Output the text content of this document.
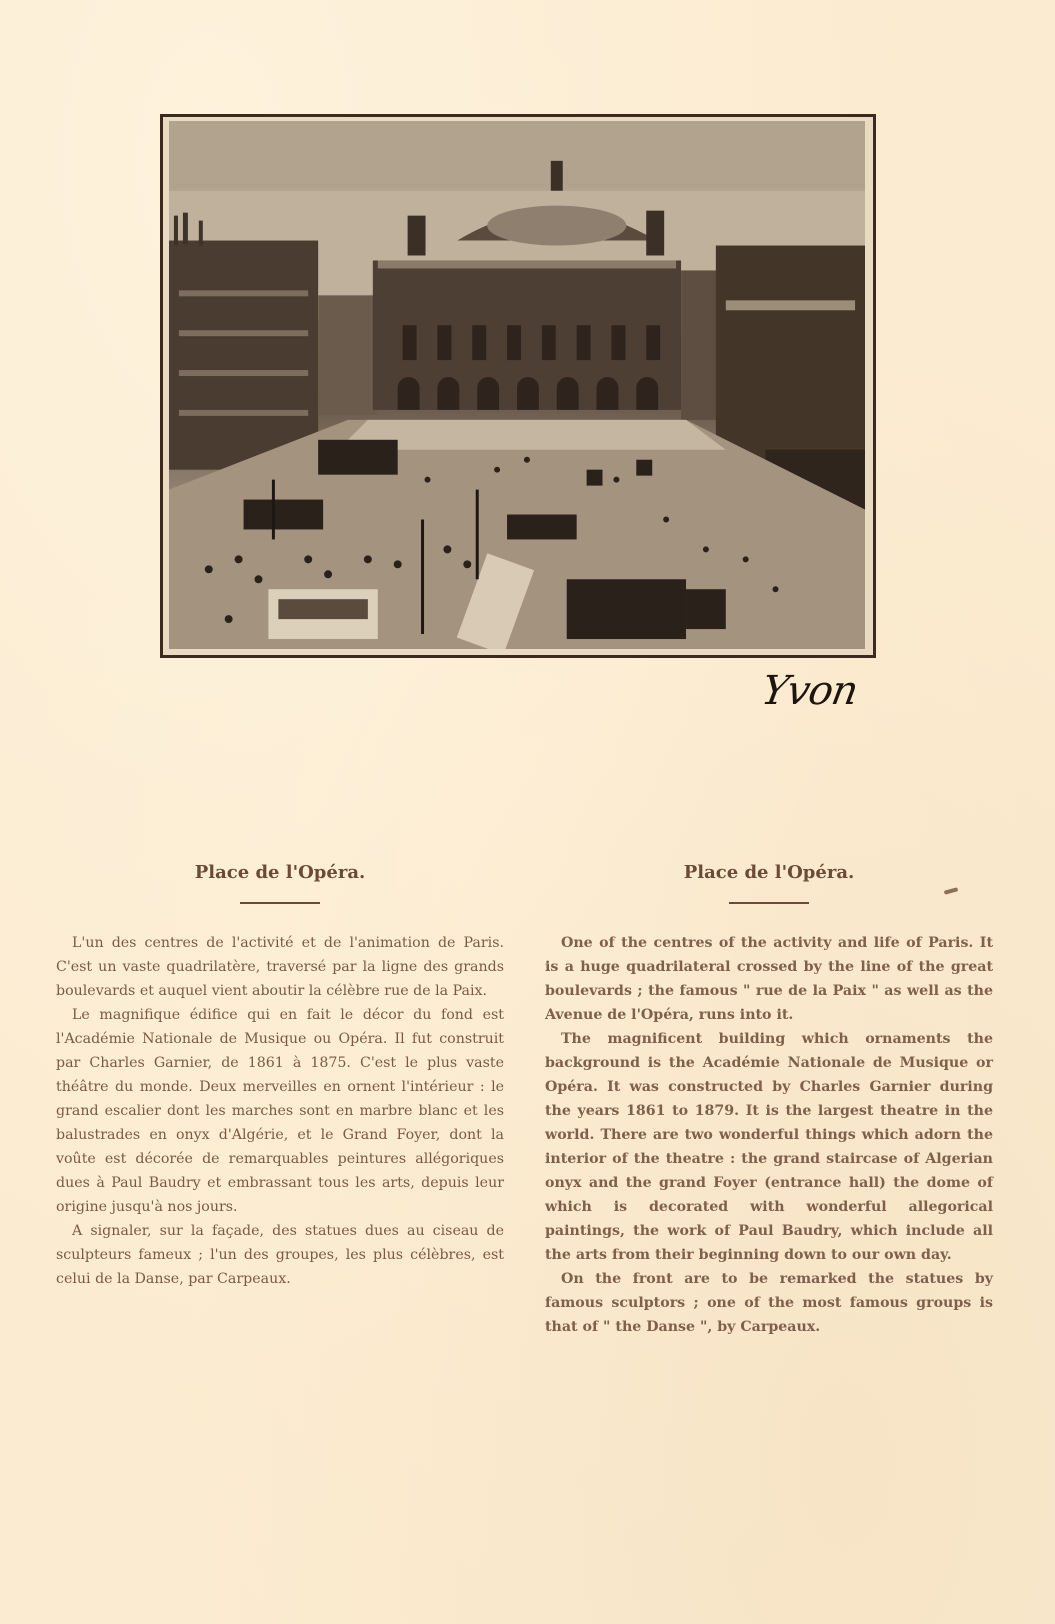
Yvon
Place de l'Opéra.

L'un des centres de l'activité et de l'animation de Paris. C'est un vaste quadrilatère, traversé par la ligne des grands boulevards et auquel vient aboutir la célèbre rue de la Paix.

Le magnifique édifice qui en fait le décor du fond est l'Académie Nationale de Musique ou Opéra. Il fut construit par Charles Garnier, de 1861 à 1875. C'est le plus vaste théâtre du monde. Deux merveilles en ornent l'intérieur : le grand escalier dont les marches sont en marbre blanc et les balustrades en onyx d'Algérie, et le Grand Foyer, dont la voûte est décorée de remarquables peintures allégoriques dues à Paul Baudry et embrassant tous les arts, depuis leur origine jusqu'à nos jours.

A signaler, sur la façade, des statues dues au ciseau de sculpteurs fameux ; l'un des groupes, les plus célèbres, est celui de la Danse, par Carpeaux.

Place de l'Opéra.

One of the centres of the activity and life of Paris. It is a huge quadrilateral crossed by the line of the great boulevards ; the famous " rue de la Paix " as well as the Avenue de l'Opéra, runs into it.

The magnificent building which ornaments the background is the Académie Nationale de Musique or Opéra. It was constructed by Charles Garnier during the years 1861 to 1879. It is the largest theatre in the world. There are two wonderful things which adorn the interior of the theatre : the grand staircase of Algerian onyx and the grand Foyer (entrance hall) the dome of which is decorated with wonderful allegorical paintings, the work of Paul Baudry, which include all the arts from their beginning down to our own day.

On the front are to be remarked the statues by famous sculptors ; one of the most famous groups is that of " the Danse ", by Carpeaux.
